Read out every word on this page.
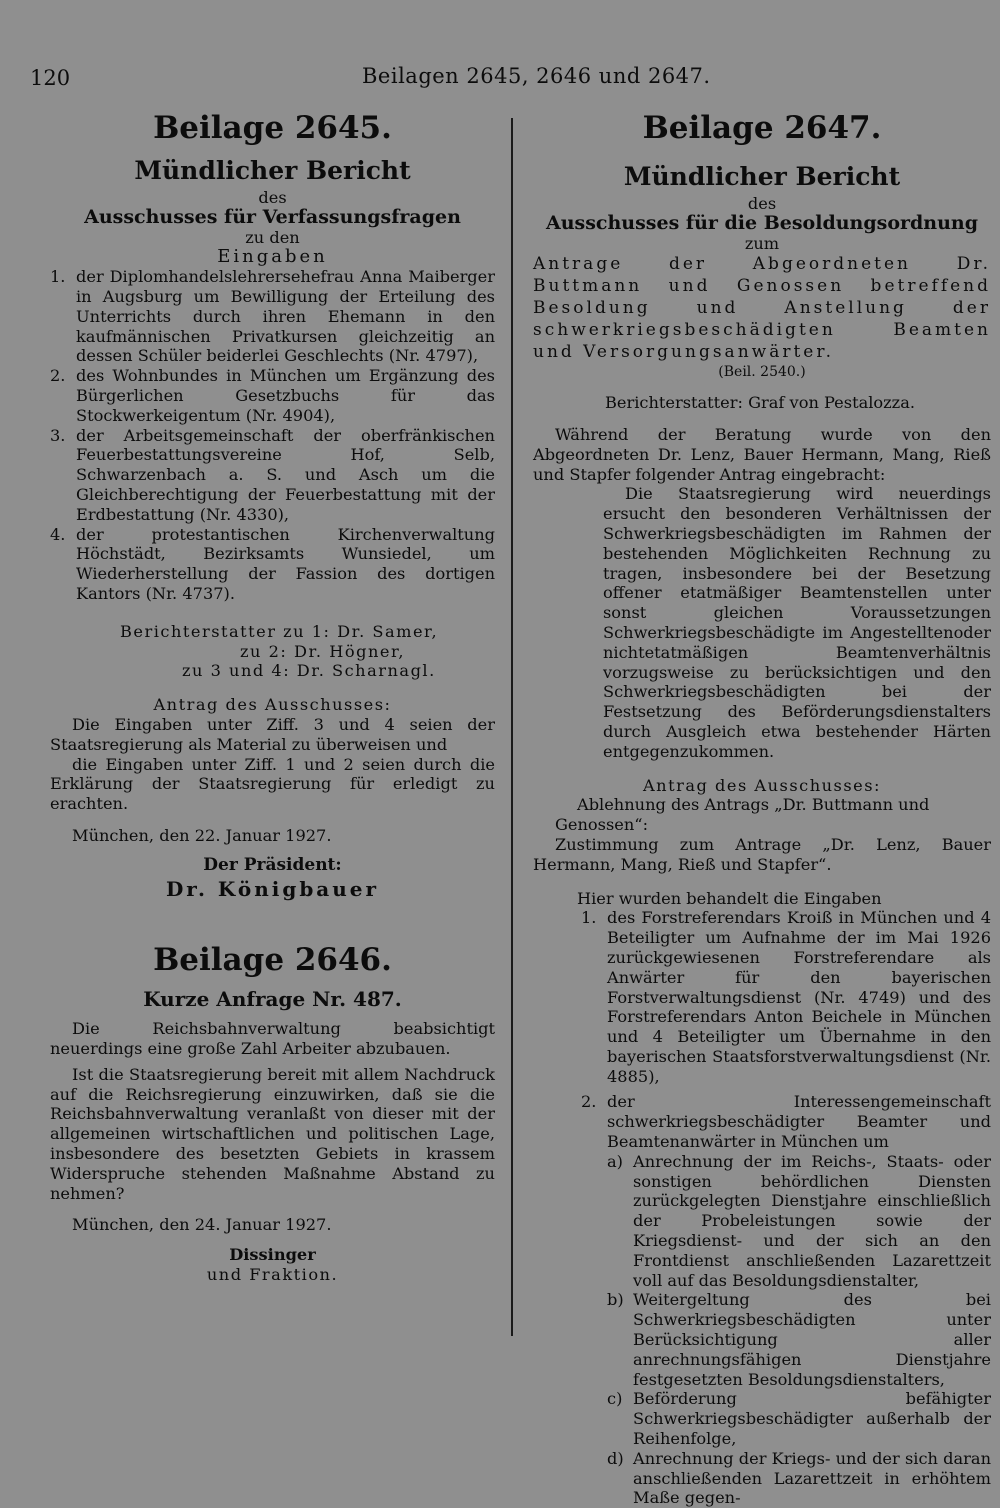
120	Beilagen 2645, 2646 und 2647.
Beilage 2645.
Mündlicher Bericht
des
Ausschusses für Verfassungsfragen
zu den
Eingaben
1. der Diplomhandelslehrersehefrau Anna Maiberger in Augsburg um Bewilligung der Erteilung des Unterrichts durch ihren Ehemann in den kaufmännischen Privatkursen gleichzeitig an dessen Schüler beiderlei Geschlechts (Nr. 4797),
2. des Wohnbundes in München um Ergänzung des Bürgerlichen Gesetzbuchs für das Stockwerkeigentum (Nr. 4904),
3. der Arbeitsgemeinschaft der oberfränkischen Feuerbestattungsvereine Hof, Selb, Schwarzenbach a. S. und Asch um die Gleichberechtigung der Feuerbestattung mit der Erdbestattung (Nr. 4330),
4. der protestantischen Kirchenverwaltung Höchstädt, Bezirksamts Wunsiedel, um Wiederherstellung der Fassion des dortigen Kantors (Nr. 4737).
Berichterstatter zu 1: Dr. Samer,
zu 2: Dr. Högner,
zu 3 und 4: Dr. Scharnagl.
Antrag des Ausschusses:

Die Eingaben unter Ziff. 3 und 4 seien der Staatsregierung als Material zu überweisen und

die Eingaben unter Ziff. 1 und 2 seien durch die Erklärung der Staatsregierung für erledigt zu erachten.

München, den 22. Januar 1927.

Der Präsident:
Dr. Königbauer
Beilage 2646.
Kurze Anfrage Nr. 487.

Die Reichsbahnverwaltung beabsichtigt neuerdings eine große Zahl Arbeiter abzubauen.

Ist die Staatsregierung bereit mit allem Nachdruck auf die Reichsregierung einzuwirken, daß sie die Reichsbahnverwaltung veranlaßt von dieser mit der allgemeinen wirtschaftlichen und politischen Lage, insbesondere des besetzten Gebiets in krassem Widerspruche stehenden Maßnahme Abstand zu nehmen?

München, den 24. Januar 1927.

Dissinger
und Fraktion.
Beilage 2647.
Mündlicher Bericht
des
Ausschusses für die Besoldungsordnung
zum
Antrage der Abgeordneten Dr. Buttmann und Genossen betreffend Besoldung und Anstellung der schwerkriegsbeschädigten Beamten und Versorgungsanwärter.
(Beil. 2540.)

Berichterstatter: Graf von Pestalozza.

Während der Beratung wurde von den Abgeordneten Dr. Lenz, Bauer Hermann, Mang, Rieß und Stapfer folgender Antrag eingebracht:

Die Staatsregierung wird neuerdings ersucht den besonderen Verhältnissen der Schwerkriegsbeschädigten im Rahmen der bestehenden Möglichkeiten Rechnung zu tragen, insbesondere bei der Besetzung offener etatmäßiger Beamtenstellen unter sonst gleichen Voraussetzungen Schwerkriegsbeschädigte im Angestelltenoder nichtetatmäßigen Beamtenverhältnis vorzugsweise zu berücksichtigen und den Schwerkriegsbeschädigten bei der Festsetzung des Beförderungsdienstalters durch Ausgleich etwa bestehender Härten entgegenzukommen.

Antrag des Ausschusses:

Ablehnung des Antrags „Dr. Buttmann und Genossen“:

Zustimmung zum Antrage „Dr. Lenz, Bauer Hermann, Mang, Rieß und Stapfer“.

Hier wurden behandelt die Eingaben

1. des Forstreferendars Kroiß in München und 4 Beteiligter um Aufnahme der im Mai 1926 zurückgewiesenen Forstreferendare als Anwärter für den bayerischen Forstverwaltungsdienst (Nr. 4749) und des Forstreferendars Anton Beichele in München und 4 Beteiligter um Übernahme in den bayerischen Staatsforstverwaltungsdienst (Nr. 4885),
2. der Interessengemeinschaft schwerkriegsbeschädigter Beamter und Beamtenanwärter in München um
a) Anrechnung der im Reichs-, Staats- oder sonstigen behördlichen Diensten zurückgelegten Dienstjahre einschließlich der Probeleistungen sowie der Kriegsdienst- und der sich an den Frontdienst anschließenden Lazarettzeit voll auf das Besoldungsdienstalter,
b) Weitergeltung des bei Schwerkriegsbeschädigten unter Berücksichtigung aller anrechnungsfähigen Dienstjahre festgesetzten Besoldungsdienstalters,
c) Beförderung befähigter Schwerkriegsbeschädigter außerhalb der Reihenfolge,
d) Anrechnung der Kriegs- und der sich daran anschließenden Lazarettzeit in erhöhtem Maße gegen-
